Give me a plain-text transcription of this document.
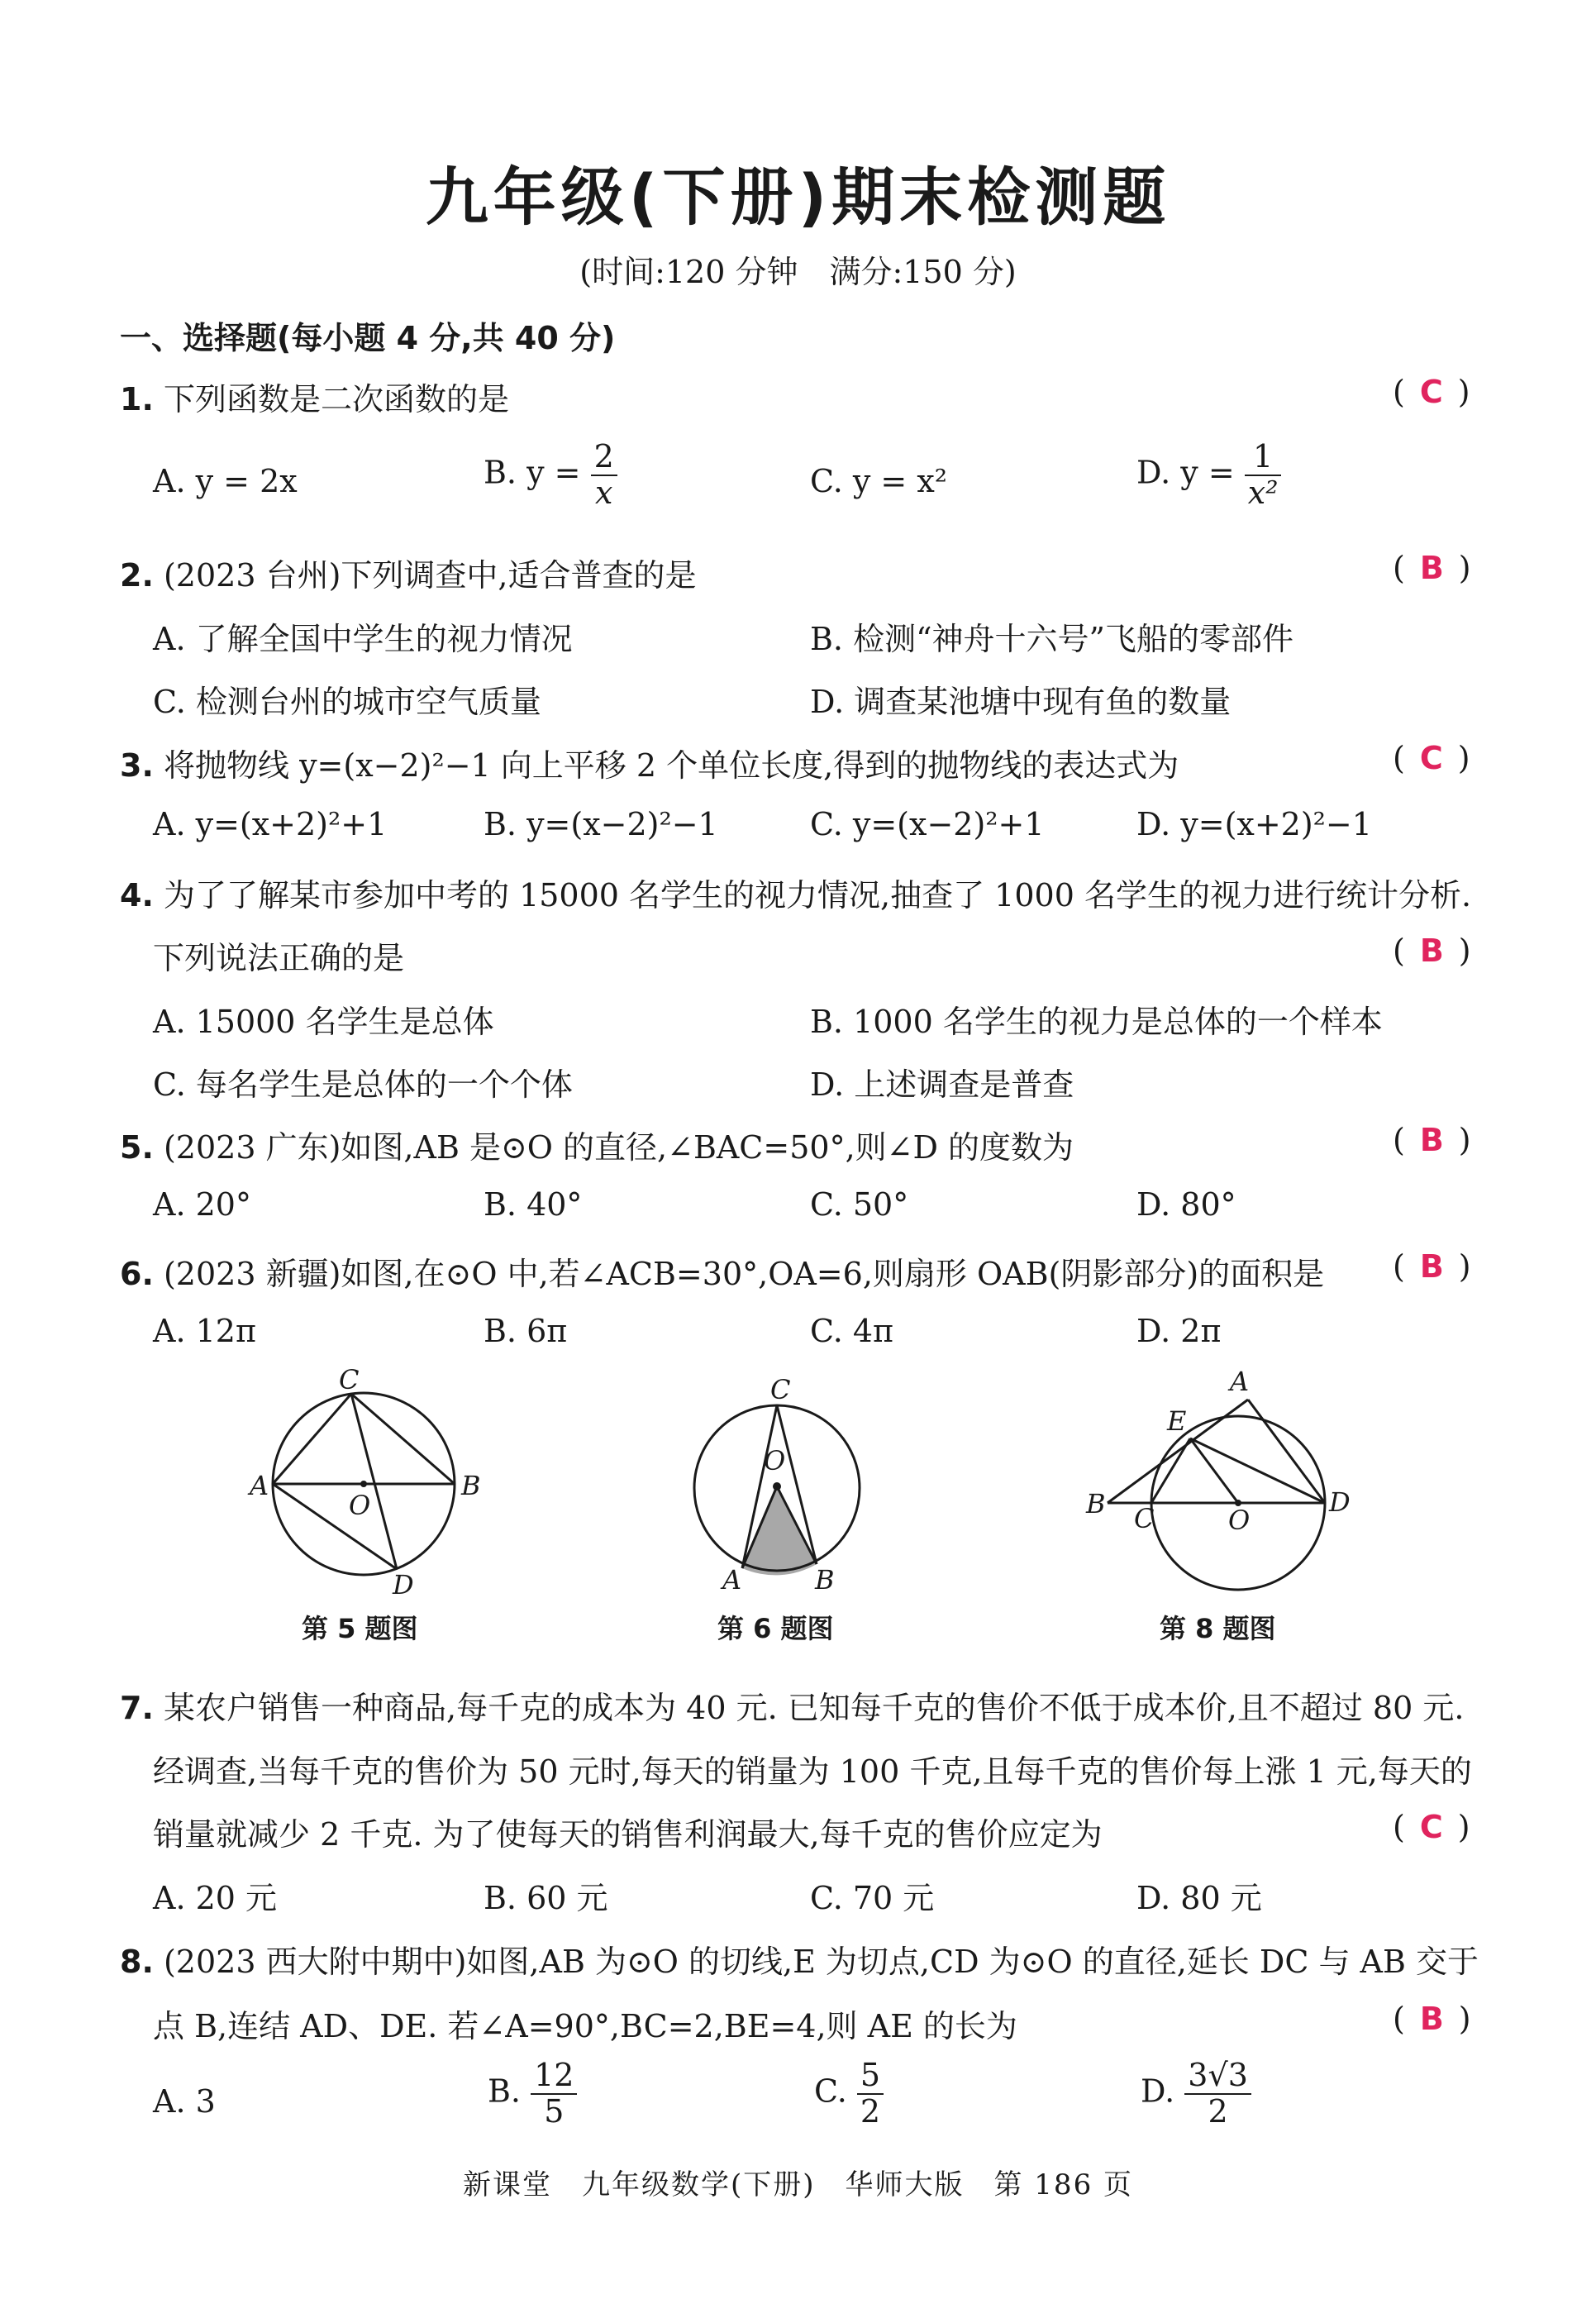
九年级(下册)期末检测题
(时间:120 分钟　满分:150 分)
一、选择题(每小题 4 分,共 40 分)
1. 下列函数是二次函数的是	( C )
A. y = 2x	B. $y = \frac{2}{x}$	C. y = x²	D. $y = \frac{1}{\text{x²}}$
2. (2023 台州)下列调查中,适合普查的是	( B )
A. 了解全国中学生的视力情况	B. 检测“神舟十六号”飞船的零部件
C. 检测台州的城市空气质量	D. 调查某池塘中现有鱼的数量
3. 将抛物线 y=(x−2)²−1 向上平移 2 个单位长度,得到的抛物线的表达式为	( C )
A. y=(x+2)²+1	B. y=(x−2)²−1	C. y=(x−2)²+1	D. y=(x+2)²−1
4. 为了了解某市参加中考的 15000 名学生的视力情况,抽查了 1000 名学生的视力进行统计分析.
下列说法正确的是	( B )
A. 15000 名学生是总体	B. 1000 名学生的视力是总体的一个样本
C. 每名学生是总体的一个个体	D. 上述调查是普查
5. (2023 广东)如图,AB 是⊙O 的直径,∠BAC=50°,则∠D 的度数为	( B )
A. 20°	B. 40°	C. 50°	D. 80°
6. (2023 新疆)如图,在⊙O 中,若∠ACB=30°,OA=6,则扇形 OAB(阴影部分)的面积是 ( B )
A. 12π	B. 6π	C. 4π	D. 2π
C
A
O
B
D
第 5 题图
C
O
A	B
第 6 题图
A
E
B C	O
D
第 8 题图
7. 某农户销售一种商品,每千克的成本为 40 元. 已知每千克的售价不低于成本价,且不超过 80 元.
经调查,当每千克的售价为 50 元时,每天的销量为 100 千克,且每千克的售价每上涨 1 元,每天的
销量就减少 2 千克. 为了使每天的销售利润最大,每千克的售价应定为	( C )
A. 20 元	B. 60 元	C. 70 元	D. 80 元
8. (2023 西大附中期中)如图,AB 为⊙O 的切线,E 为切点,CD 为⊙O 的直径,延长 DC 与 AB 交于
点 B,连结 AD、DE. 若∠A=90°,BC=2,BE=4,则 AE 的长为	( B )
A. 3	B. $\frac{12}{5}$	C. $\frac{5}{2}$	D. $\frac{3√3}{2}$
新课堂　九年级数学(下册)　华师大版　第 186 页
